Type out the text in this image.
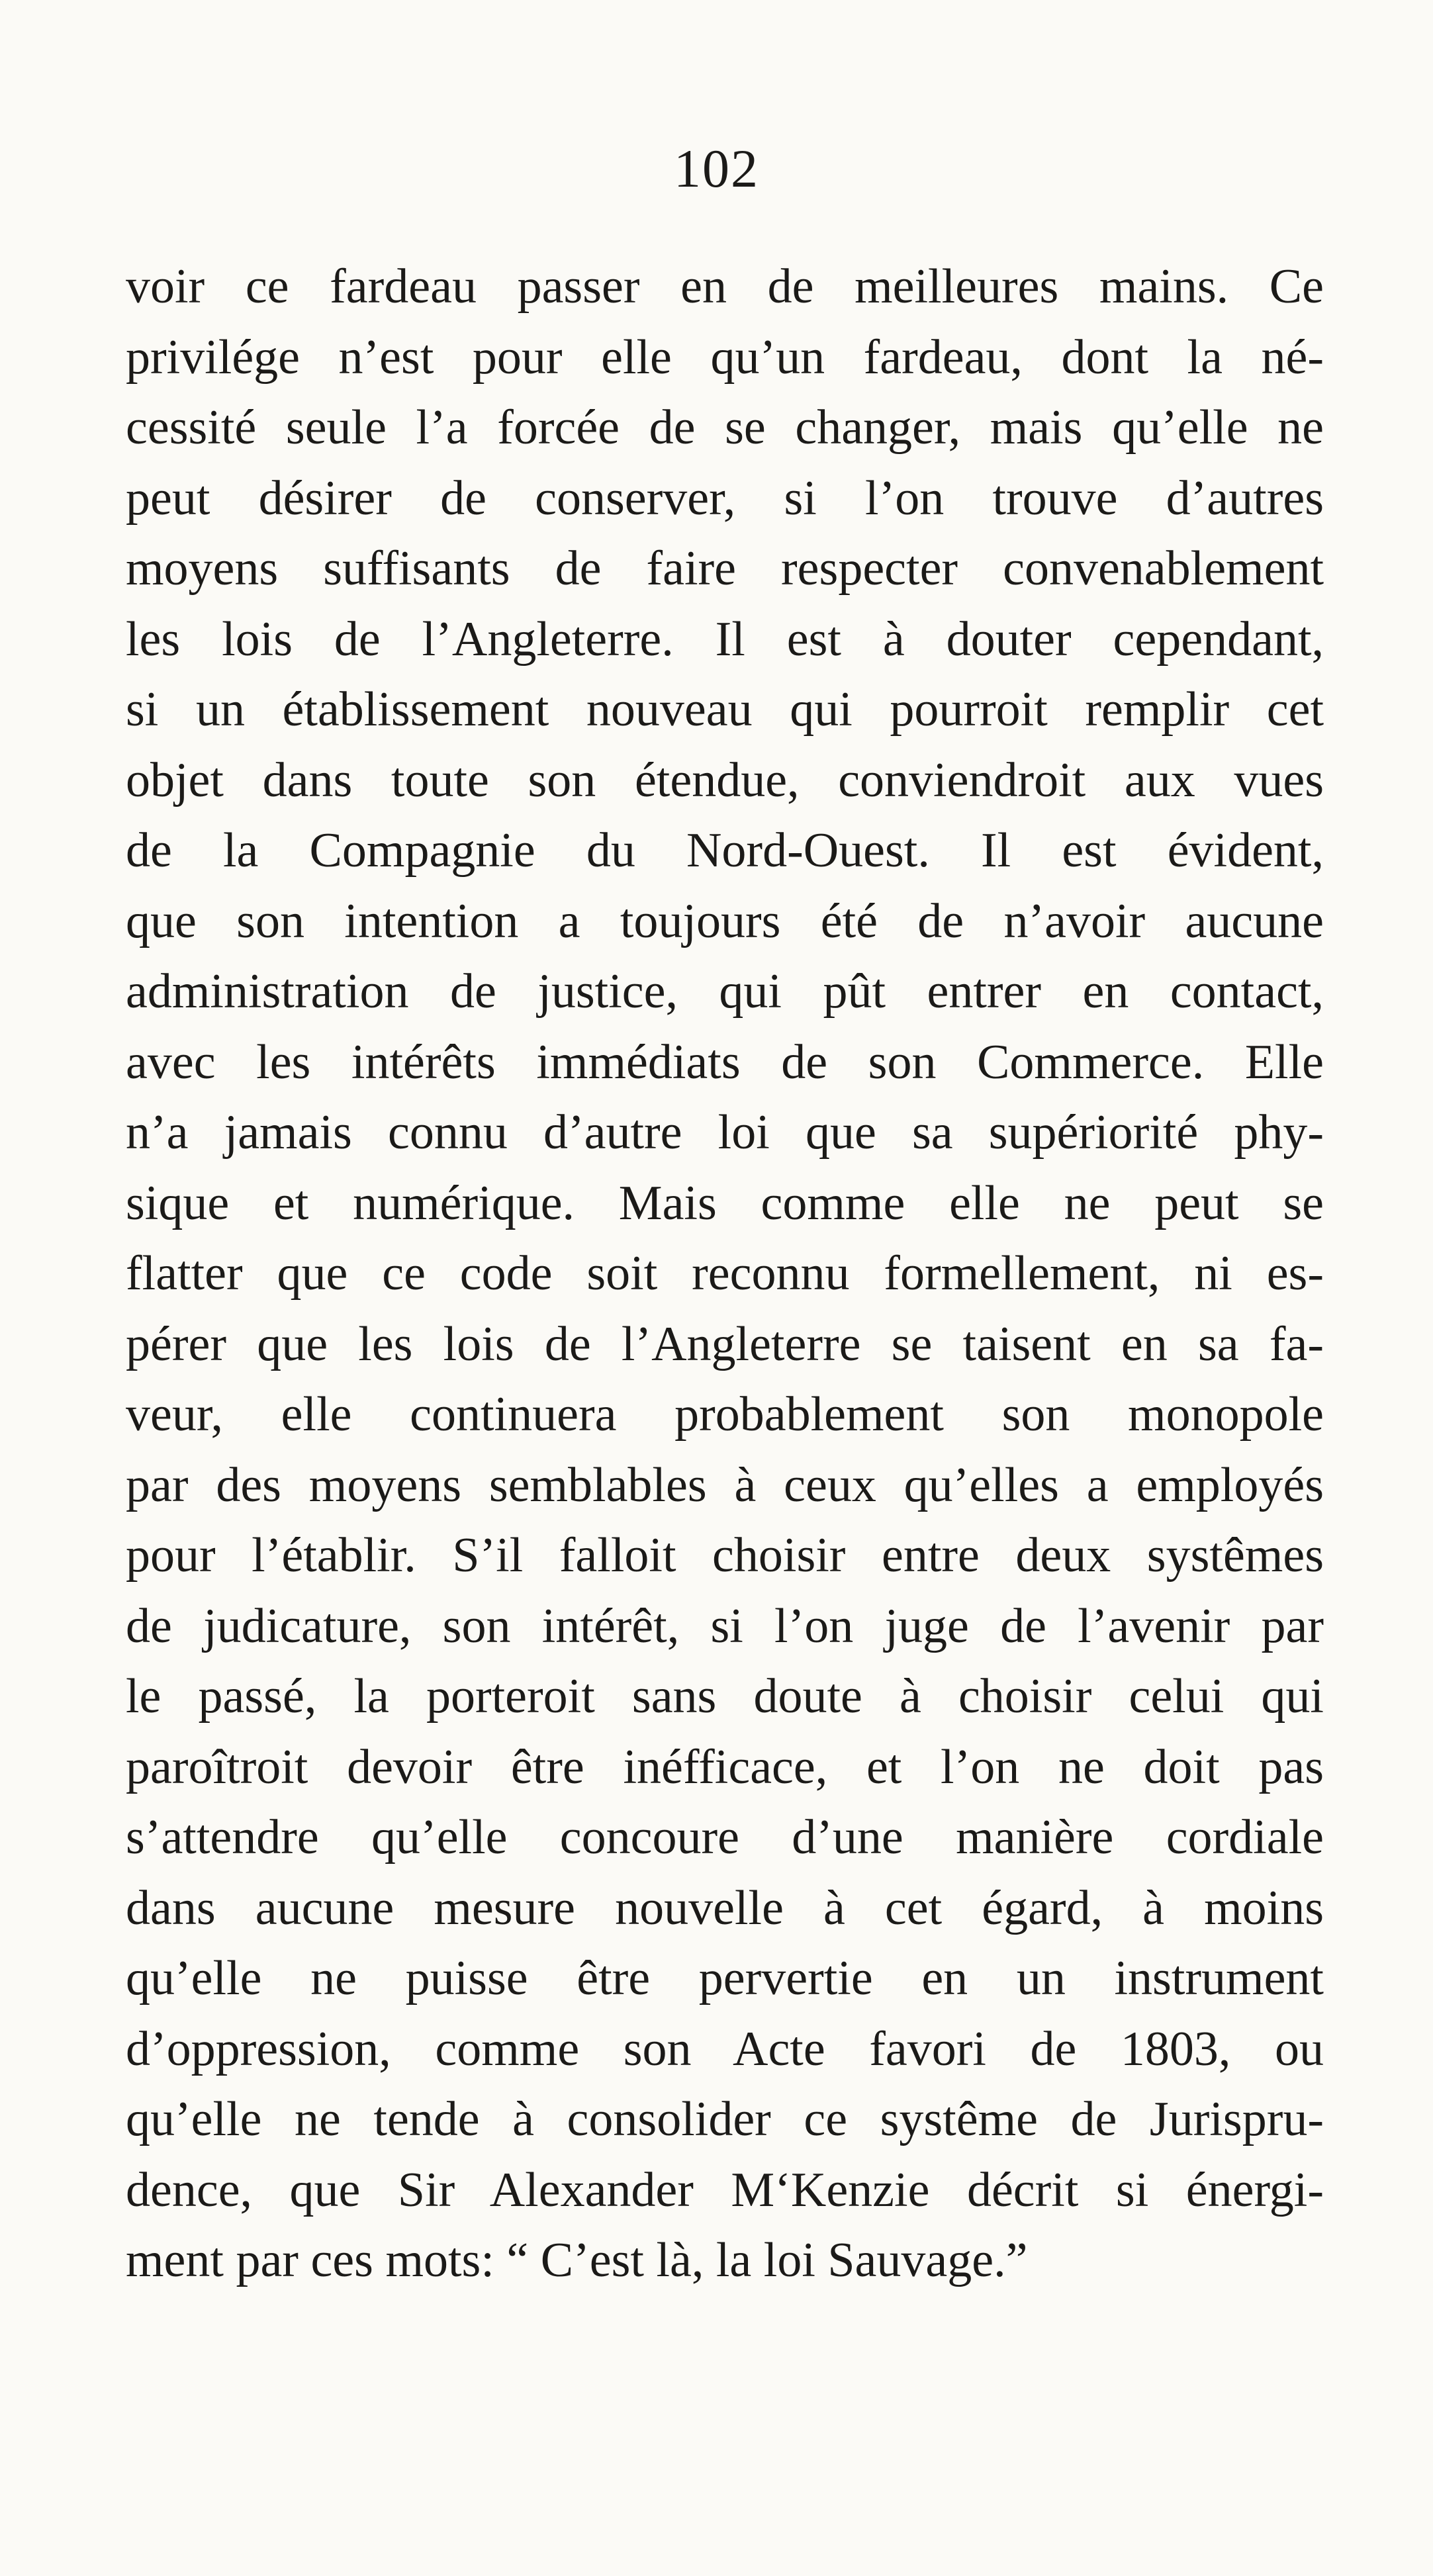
102
voir ce fardeau passer en de meilleures mains. Ce
privilége n’est pour elle qu’un fardeau, dont la né-
cessité seule l’a forcée de se changer, mais qu’elle ne
peut désirer de conserver, si l’on trouve d’autres
moyens suffisants de faire respecter convenablement
les lois de l’Angleterre. Il est à douter cependant,
si un établissement nouveau qui pourroit remplir cet
objet dans toute son étendue, conviendroit aux vues
de la Compagnie du Nord-Ouest. Il est évident,
que son intention a toujours été de n’avoir aucune
administration de justice, qui pût entrer en contact,
avec les intérêts immédiats de son Commerce. Elle
n’a jamais connu d’autre loi que sa supériorité phy-
sique et numérique. Mais comme elle ne peut se
flatter que ce code soit reconnu formellement, ni es-
pérer que les lois de l’Angleterre se taisent en sa fa-
veur, elle continuera probablement son monopole
par des moyens semblables à ceux qu’elles a employés
pour l’établir. S’il falloit choisir entre deux systêmes
de judicature, son intérêt, si l’on juge de l’avenir par
le passé, la porteroit sans doute à choisir celui qui
paroîtroit devoir être inéfficace, et l’on ne doit pas
s’attendre qu’elle concoure d’une manière cordiale
dans aucune mesure nouvelle à cet égard, à moins
qu’elle ne puisse être pervertie en un instrument
d’oppression, comme son Acte favori de 1803, ou
qu’elle ne tende à consolider ce systême de Jurispru-
dence, que Sir Alexander M‘Kenzie décrit si énergi-
ment par ces mots: “ C’est là, la loi Sauvage.”
